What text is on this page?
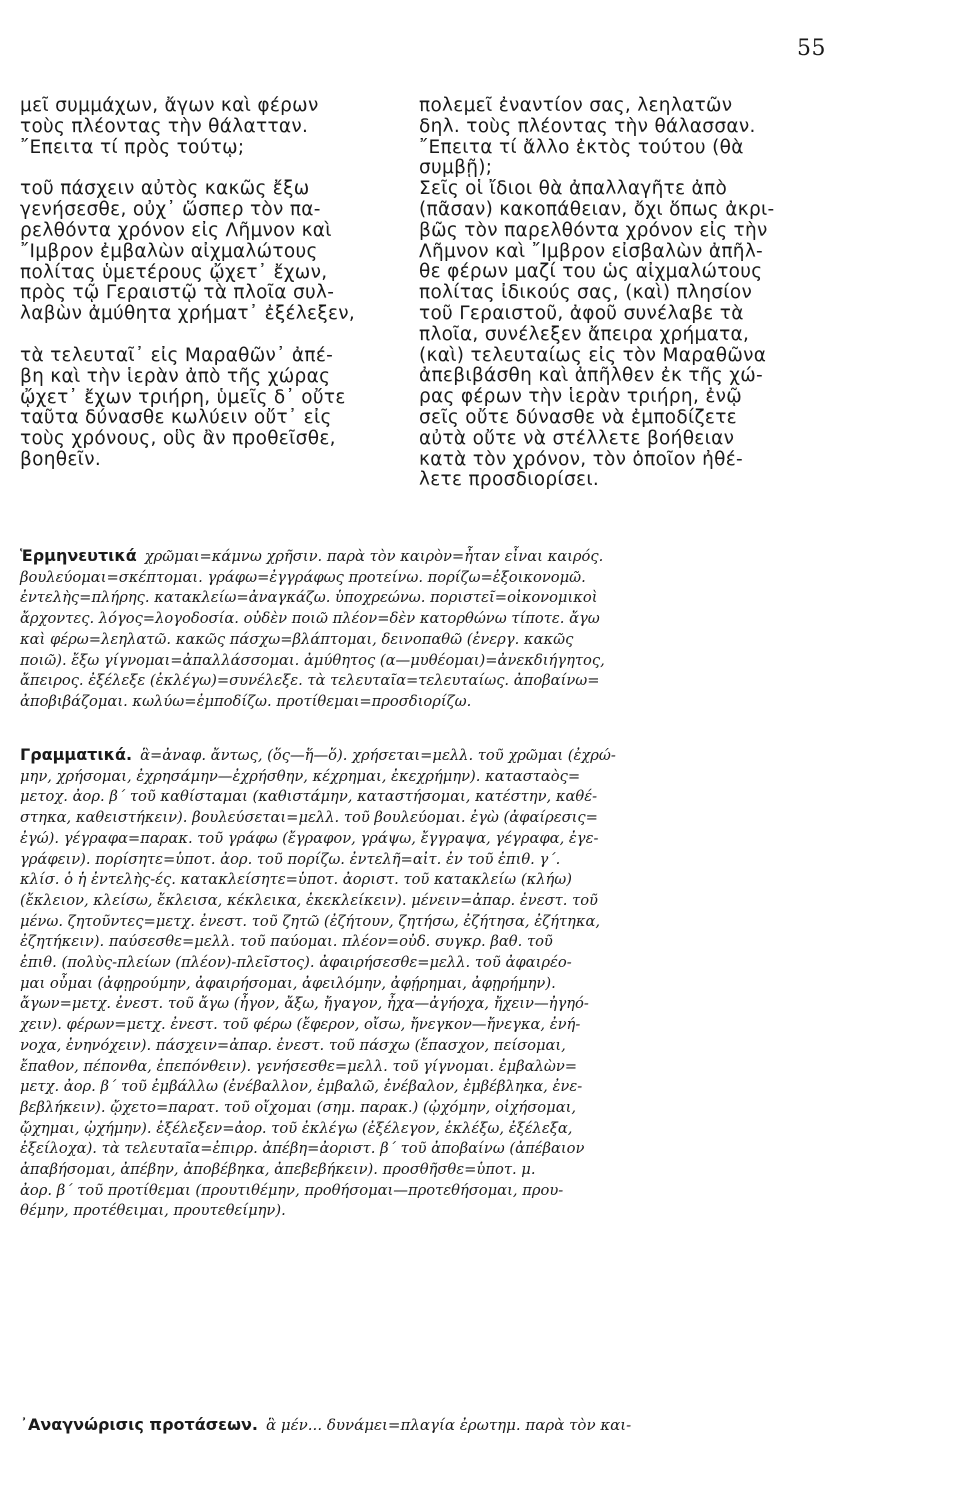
55
μεῖ συμμάχων, ἄγων καὶ φέρων
τοὺς πλέοντας τὴν θάλατταν.
῎Επειτα τί πρὸς τούτῳ;
τοῦ πάσχειν αὐτὸς κακῶς ἔξω
γενήσεσθε, οὐχ᾽ ὥσπερ τὸν πα-
ρελθόντα χρόνον εἰς Λῆμνον καὶ
῎Ιμβρον ἐμβαλὼν αἰχμαλώτους
πολίτας ὑμετέρους ᾤχετ᾽ ἔχων,
πρὸς τῷ Γεραιστῷ τὰ πλοῖα συλ-
λαβὼν ἀμύθητα χρήματ᾽ ἐξέλεξεν,
τὰ τελευταῖ᾽ εἰς Μαραθῶν᾽ ἀπέ-
βη καὶ τὴν ἱερὰν ἀπὸ τῆς χώρας
ᾤχετ᾽ ἔχων τριήρη, ὑμεῖς δ᾽ οὔτε
ταῦτα δύνασθε κωλύειν οὔτ᾽ εἰς
τοὺς χρόνους, οὓς ἂν προθεῖσθε,
βοηθεῖν.
πολεμεῖ ἐναντίον σας, λεηλατῶν
δηλ. τοὺς πλέοντας τὴν θάλασσαν.
῎Επειτα τί ἄλλο ἐκτὸς τούτου (θὰ
συμβῇ);
Σεῖς οἱ ἴδιοι θὰ ἀπαλλαγῆτε ἀπὸ
(πᾶσαν) κακοπάθειαν, ὄχι ὅπως ἀκρι-
βῶς τὸν παρελθόντα χρόνον εἰς τὴν
Λῆμνον καὶ ῎Ιμβρον εἰσβαλὼν ἀπῆλ-
θε φέρων μαζί του ὡς αἰχμαλώτους
πολίτας ἰδικούς σας, (καὶ) πλησίον
τοῦ Γεραιστοῦ, ἀφοῦ συνέλαβε τὰ
πλοῖα, συνέλεξεν ἄπειρα χρήματα,
(καὶ) τελευταίως εἰς τὸν Μαραθῶνα
ἀπεβιβάσθη καὶ ἀπῆλθεν ἐκ τῆς χώ-
ρας φέρων τὴν ἱερὰν τριήρη, ἐνῷ
σεῖς οὔτε δύνασθε νὰ ἐμποδίζετε
αὐτὰ οὔτε νὰ στέλλετε βοήθειαν
κατὰ τὸν χρόνον, τὸν ὁποῖον ἠθέ-
λετε προσδιορίσει.
Ἑρμηνευτικά χρῶμαι=κάμνω χρῆσιν. παρὰ τὸν καιρὸν=ἦταν εἶναι καιρός.
βουλεύομαι=σκέπτομαι. γράφω=ἐγγράφως προτείνω. πορίζω=ἐξοικονομῶ.
ἐντελὴς=πλήρης. κατακλείω=ἀναγκάζω. ὑποχρεώνω. ποριστεῖ=οἰκονομικοὶ
ἄρχοντες. λόγος=λογοδοσία. οὐδὲν ποιῶ πλέον=δὲν κατορθώνω τίποτε. ἄγω
καὶ φέρω=λεηλατῶ. κακῶς πάσχω=βλάπτομαι, δεινοπαθῶ (ἐνεργ. κακῶς
ποιῶ). ἔξω γίγνομαι=ἀπαλλάσσομαι. ἀμύθητος (α—μυθέομαι)=ἀνεκδιήγητος,
ἄπειρος. ἐξέλεξε (ἐκλέγω)=συνέλεξε. τὰ τελευταῖα=τελευταίως. ἀποβαίνω=
ἀποβιβάζομαι. κωλύω=ἐμποδίζω. προτίθεμαι=προσδιορίζω.
Γραμματικά. ἃ=ἀναφ. ἄντως, (ὅς—ἥ—ὅ). χρήσεται=μελλ. τοῦ χρῶμαι (ἐχρώ-
μην, χρήσομαι, ἐχρησάμην—ἐχρήσθην, κέχρημαι, ἐκεχρήμην). κατασταὸς=
μετοχ. ἀορ. β´ τοῦ καθίσταμαι (καθιστάμην, καταστήσομαι, κατέστην, καθέ-
στηκα, καθειστήκειν). βουλεύσεται=μελλ. τοῦ βουλεύομαι. ἐγὼ (ἀφαίρεσις=
ἐγώ). γέγραφα=παρακ. τοῦ γράφω (ἔγραφον, γράψω, ἔγγραψα, γέγραφα, ἐγε-
γράφειν). πορίσητε=ὑποτ. ἀορ. τοῦ πορίζω. ἐντελῆ=αἰτ. ἐν τοῦ ἐπιθ. γ΄.
κλίσ. ὁ ἡ ἐντελὴς-ές. κατακλείσητε=ὑποτ. ἀοριστ. τοῦ κατακλείω (κλήω)
(ἔκλειον, κλείσω, ἔκλεισα, κέκλεικα, ἐκεκλείκειν). μένειν=ἀπαρ. ἐνεστ. τοῦ
μένω. ζητοῦντες=μετχ. ἐνεστ. τοῦ ζητῶ (ἐζήτουν, ζητήσω, ἐζήτησα, ἐζήτηκα,
ἐζητήκειν). παύσεσθε=μελλ. τοῦ παύομαι. πλέον=οὐδ. συγκρ. βαθ. τοῦ
ἐπιθ. (πολὺς-πλείων (πλέον)-πλεῖστος). ἀφαιρήσεσθε=μελλ. τοῦ ἀφαιρέο-
μαι οὖμαι (ἀφῃρούμην, ἀφαιρήσομαι, ἀφειλόμην, ἀφῄρημαι, ἀφῃρήμην).
ἄγων=μετχ. ἐνεστ. τοῦ ἄγω (ἦγον, ἄξω, ἤγαγον, ἦχα—ἀγήοχα, ἤχειν—ἠγηό-
χειν). φέρων=μετχ. ἐνεστ. τοῦ φέρω (ἔφερον, οἴσω, ἤνεγκον—ἤνεγκα, ἐνή-
νοχα, ἐνηνόχειν). πάσχειν=ἀπαρ. ἐνεστ. τοῦ πάσχω (ἔπασχον, πείσομαι,
ἔπαθον, πέπονθα, ἐπεπόνθειν). γενήσεσθε=μελλ. τοῦ γίγνομαι. ἐμβαλὼν=
μετχ. ἀορ. β´ τοῦ ἐμβάλλω (ἐνέβαλλον, ἐμβαλῶ, ἐνέβαλον, ἐμβέβληκα, ἐνε-
βεβλήκειν). ᾤχετο=παρατ. τοῦ οἴχομαι (σημ. παρακ.) (ᾠχόμην, οἰχήσομαι,
ᾤχημαι, ᾠχήμην). ἐξέλεξεν=ἀορ. τοῦ ἐκλέγω (ἐξέλεγον, ἐκλέξω, ἐξέλεξα,
ἐξείλοχα). τὰ τελευταῖα=ἐπιρρ. ἀπέβη=ἀοριστ. β´ τοῦ ἀποβαίνω (ἀπέβαιον
ἀπαβήσομαι, ἀπέβην, ἀποβέβηκα, ἀπεβεβήκειν). προσθῆσθε=ὑποτ. μ.
ἀορ. β´ τοῦ προτίθεμαι (προυτιθέμην, προθήσομαι—προτεθήσομαι, πρου-
θέμην, προτέθειμαι, προυτεθείμην).
᾽Αναγνώρισις προτάσεων. ἃ μέν... δυνάμει=πλαγία ἐρωτημ. παρὰ τὸν και-
